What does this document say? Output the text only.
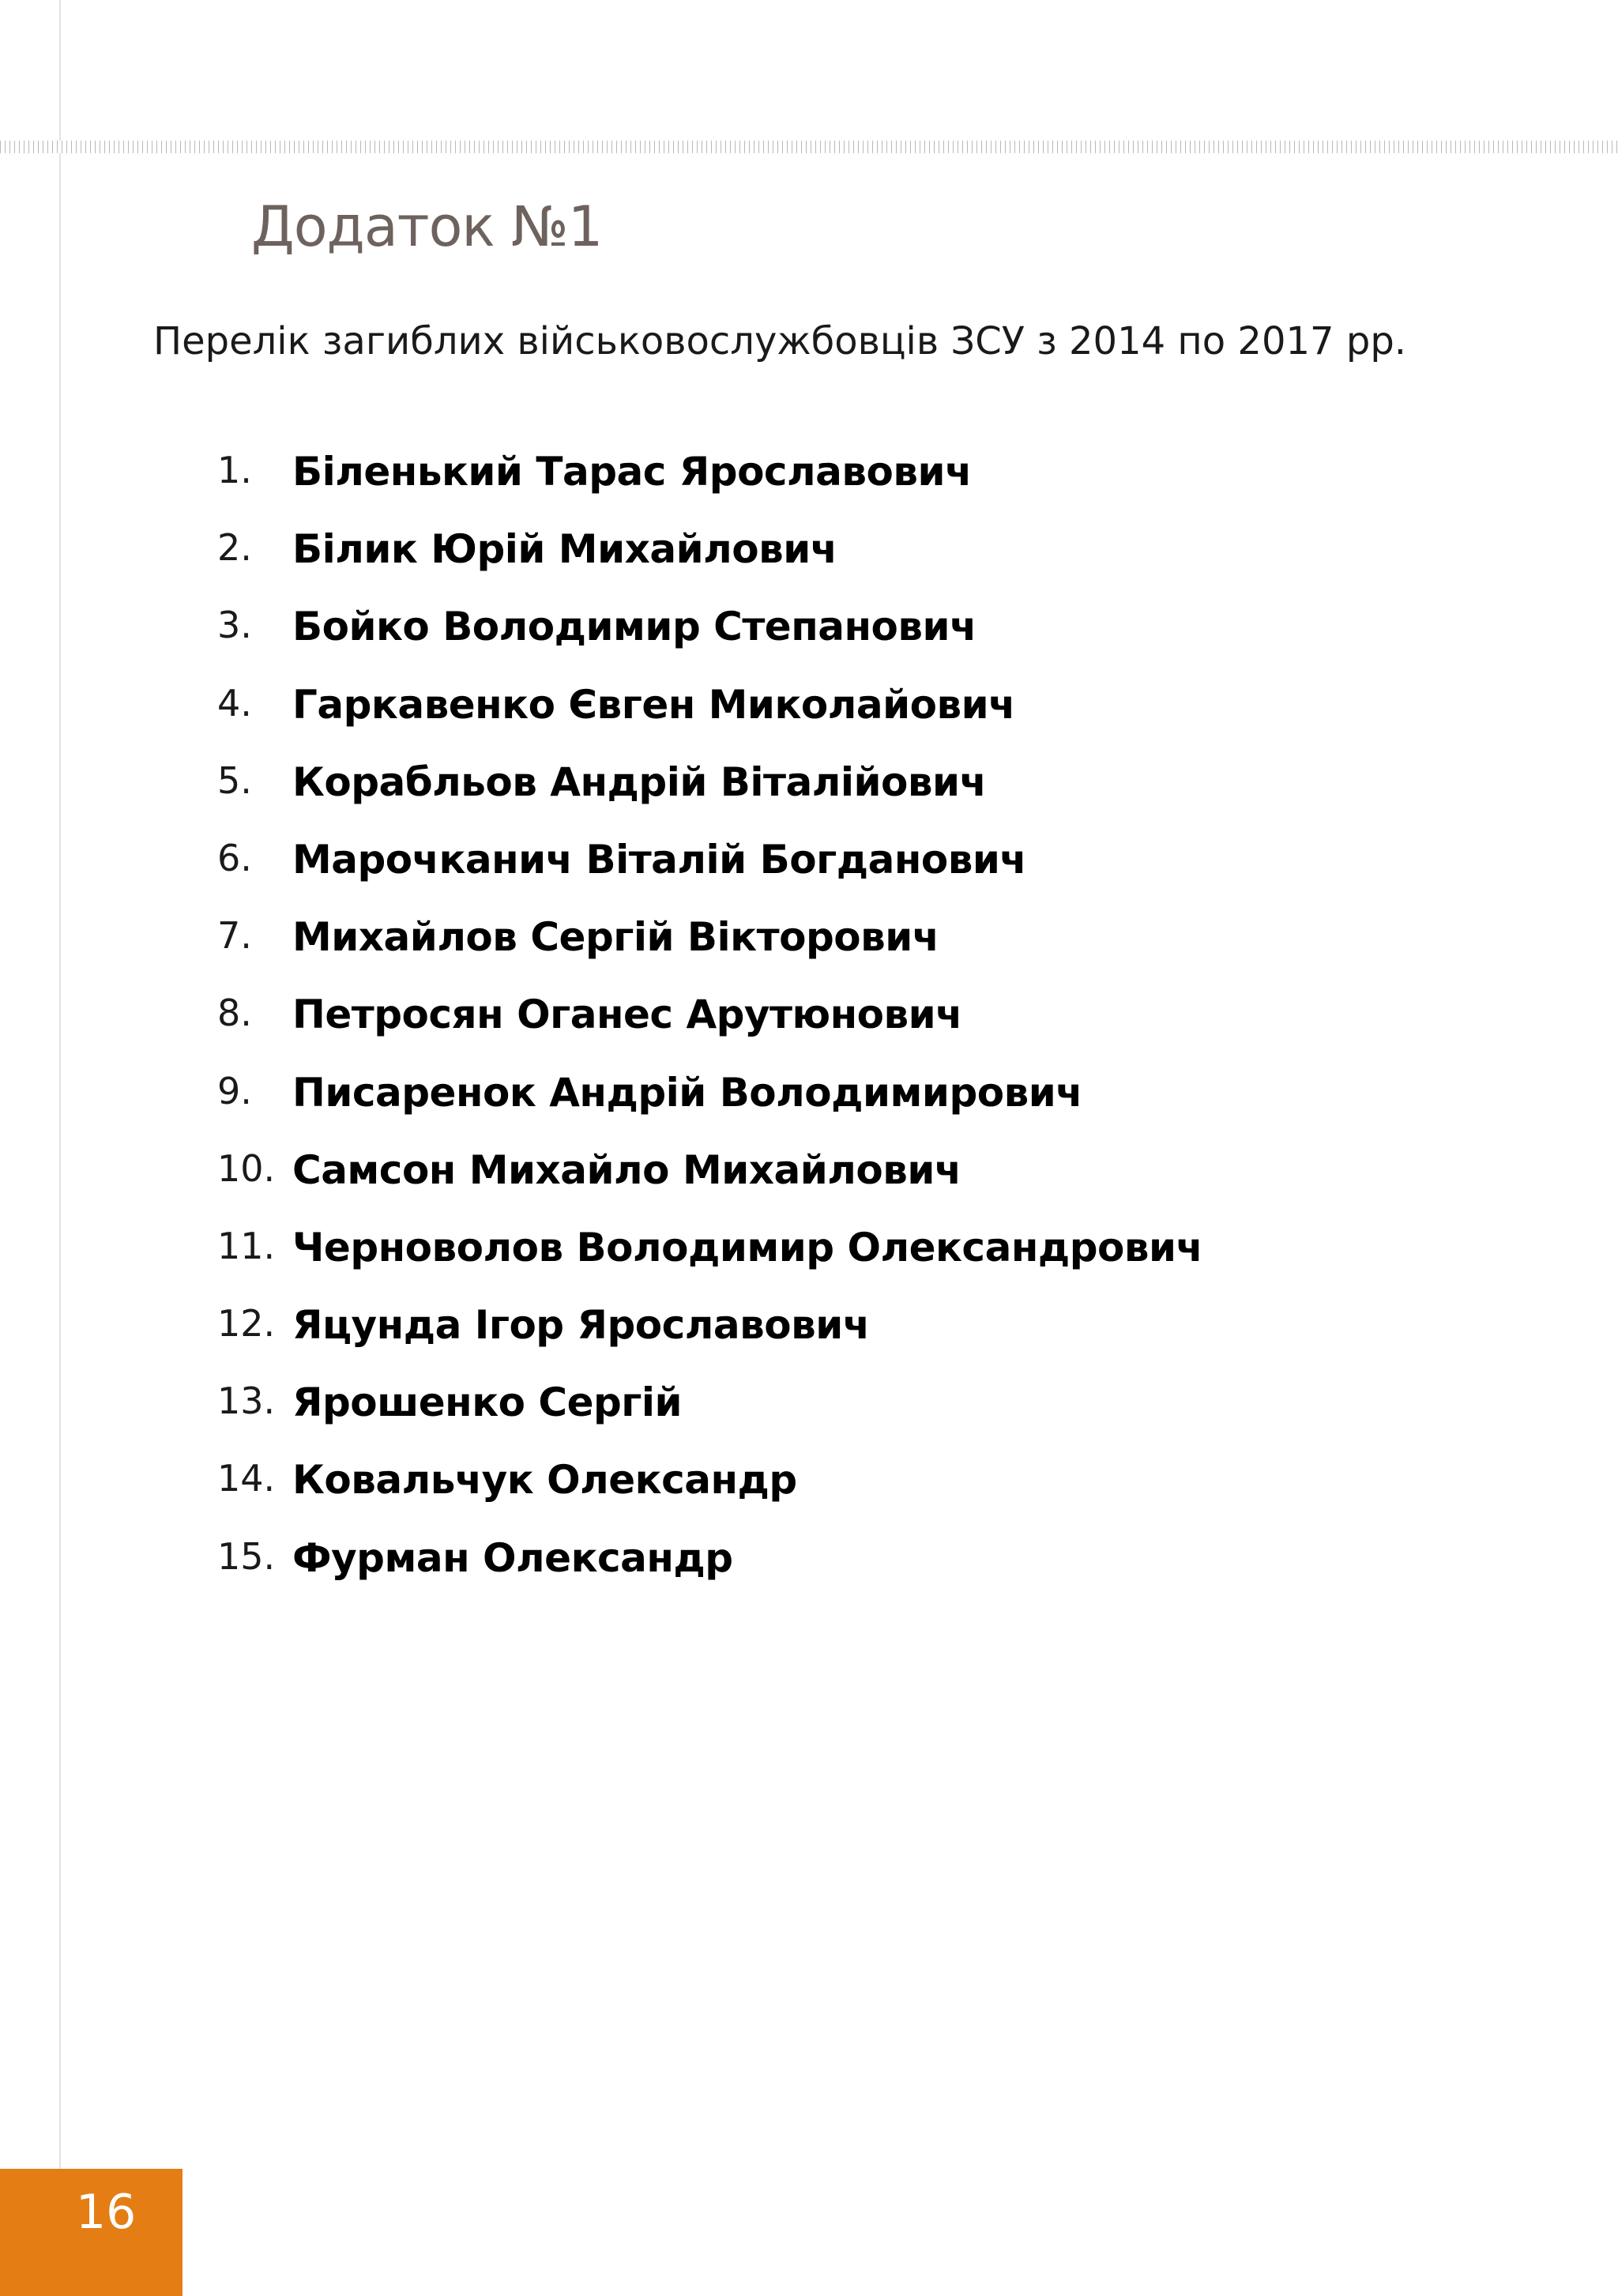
Додаток №1

Перелік загиблих військовослужбовців ЗСУ з 2014 по 2017 рр.

1.	Біленький Тарас Ярославович
2.	Білик Юрій Михайлович
3.	Бойко Володимир Степанович
4.	Гаркавенко Євген Миколайович
5.	Корабльов Андрій Віталійович
6.	Марочканич Віталій Богданович
7.	Михайлов Сергій Вікторович
8.	Петросян Оганес Арутюнович
9.	Писаренок Андрій Володимирович
10. Самсон Михайло Михайлович
11. Черноволов Володимир Олександрович
12. Яцунда Ігор Ярославович
13. Ярошенко Сергій
14. Ковальчук Олександр
15. Фурман Олександр
16
